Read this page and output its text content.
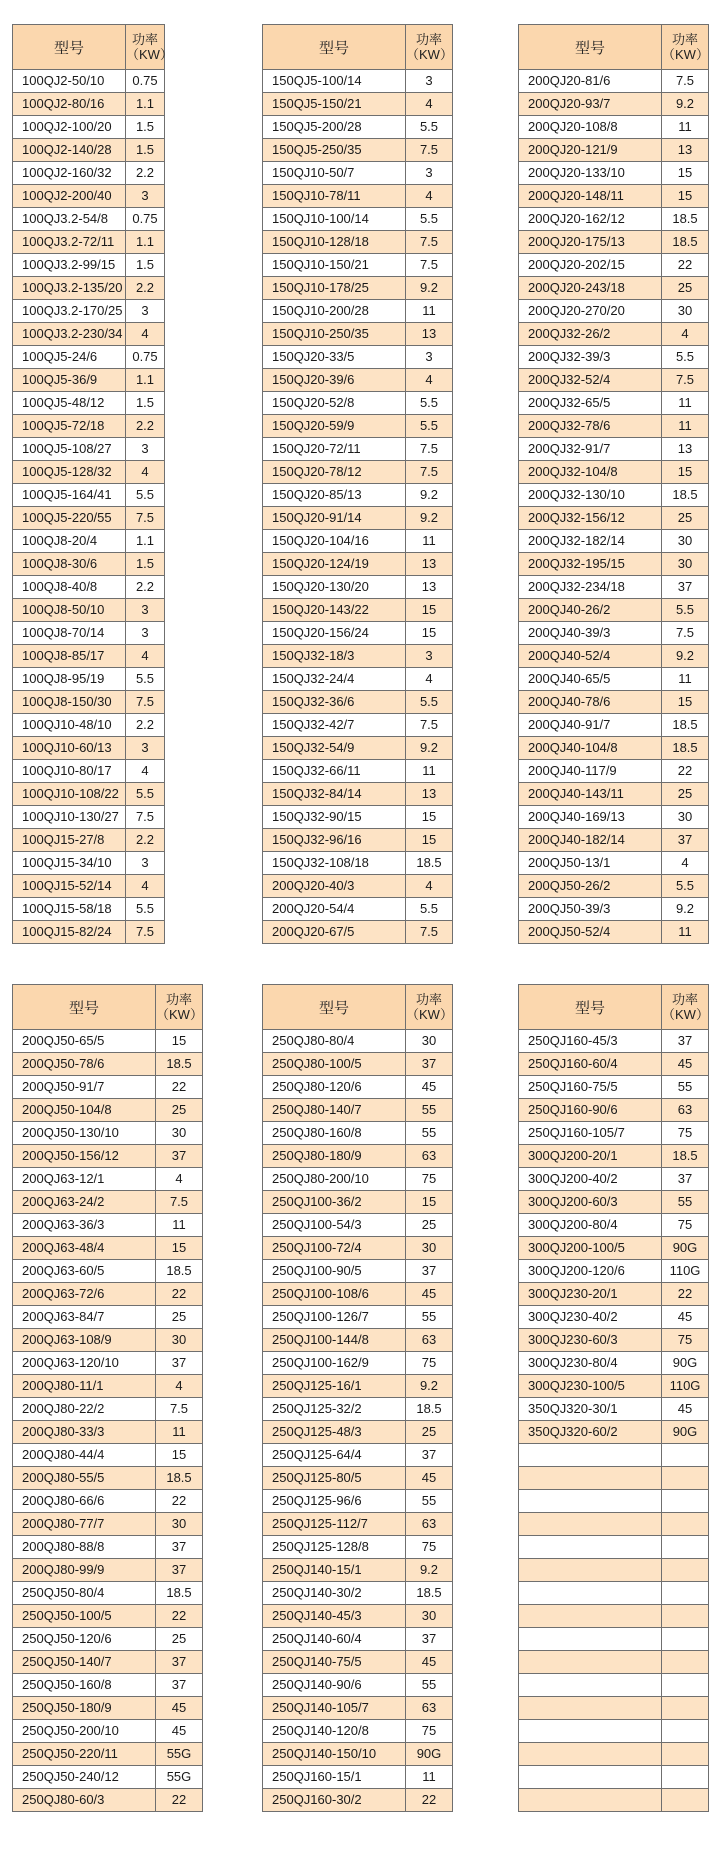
型号	功率
（KW）

100QJ2-50/10	0.75
100QJ2-80/16	1.1
100QJ2-100/20	1.5
100QJ2-140/28	1.5
100QJ2-160/32	2.2
100QJ2-200/40	3
100QJ3.2-54/8	0.75
100QJ3.2-72/11	1.1
100QJ3.2-99/15	1.5
100QJ3.2-135/20	2.2
100QJ3.2-170/25	3
100QJ3.2-230/34	4
100QJ5-24/6	0.75
100QJ5-36/9	1.1
100QJ5-48/12	1.5
100QJ5-72/18	2.2
100QJ5-108/27	3
100QJ5-128/32	4
100QJ5-164/41	5.5
100QJ5-220/55	7.5
100QJ8-20/4	1.1
100QJ8-30/6	1.5
100QJ8-40/8	2.2
100QJ8-50/10	3
100QJ8-70/14	3
100QJ8-85/17	4
100QJ8-95/19	5.5
100QJ8-150/30	7.5
100QJ10-48/10	2.2
100QJ10-60/13	3
100QJ10-80/17	4
100QJ10-108/22	5.5
100QJ10-130/27	7.5
100QJ15-27/8	2.2
100QJ15-34/10	3
100QJ15-52/14	4
100QJ15-58/18	5.5
100QJ15-82/24	7.5
型号	功率
（KW）

150QJ5-100/14	3
150QJ5-150/21	4
150QJ5-200/28	5.5
150QJ5-250/35	7.5
150QJ10-50/7	3
150QJ10-78/11	4
150QJ10-100/14	5.5
150QJ10-128/18	7.5
150QJ10-150/21	7.5
150QJ10-178/25	9.2
150QJ10-200/28	11
150QJ10-250/35	13
150QJ20-33/5	3
150QJ20-39/6	4
150QJ20-52/8	5.5
150QJ20-59/9	5.5
150QJ20-72/11	7.5
150QJ20-78/12	7.5
150QJ20-85/13	9.2
150QJ20-91/14	9.2
150QJ20-104/16	11
150QJ20-124/19	13
150QJ20-130/20	13
150QJ20-143/22	15
150QJ20-156/24	15
150QJ32-18/3	3
150QJ32-24/4	4
150QJ32-36/6	5.5
150QJ32-42/7	7.5
150QJ32-54/9	9.2
150QJ32-66/11	11
150QJ32-84/14	13
150QJ32-90/15	15
150QJ32-96/16	15
150QJ32-108/18	18.5
200QJ20-40/3	4
200QJ20-54/4	5.5
200QJ20-67/5	7.5
型号	功率
（KW）

200QJ20-81/6	7.5
200QJ20-93/7	9.2
200QJ20-108/8	11
200QJ20-121/9	13
200QJ20-133/10	15
200QJ20-148/11	15
200QJ20-162/12	18.5
200QJ20-175/13	18.5
200QJ20-202/15	22
200QJ20-243/18	25
200QJ20-270/20	30
200QJ32-26/2	4
200QJ32-39/3	5.5
200QJ32-52/4	7.5
200QJ32-65/5	11
200QJ32-78/6	11
200QJ32-91/7	13
200QJ32-104/8	15
200QJ32-130/10	18.5
200QJ32-156/12	25
200QJ32-182/14	30
200QJ32-195/15	30
200QJ32-234/18	37
200QJ40-26/2	5.5
200QJ40-39/3	7.5
200QJ40-52/4	9.2
200QJ40-65/5	11
200QJ40-78/6	15
200QJ40-91/7	18.5
200QJ40-104/8	18.5
200QJ40-117/9	22
200QJ40-143/11	25
200QJ40-169/13	30
200QJ40-182/14	37
200QJ50-13/1	4
200QJ50-26/2	5.5
200QJ50-39/3	9.2
200QJ50-52/4	11
型号	功率
（KW）

200QJ50-65/5	15
200QJ50-78/6	18.5
200QJ50-91/7	22
200QJ50-104/8	25
200QJ50-130/10	30
200QJ50-156/12	37
200QJ63-12/1	4
200QJ63-24/2	7.5
200QJ63-36/3	11
200QJ63-48/4	15
200QJ63-60/5	18.5
200QJ63-72/6	22
200QJ63-84/7	25
200QJ63-108/9	30
200QJ63-120/10	37
200QJ80-11/1	4
200QJ80-22/2	7.5
200QJ80-33/3	11
200QJ80-44/4	15
200QJ80-55/5	18.5
200QJ80-66/6	22
200QJ80-77/7	30
200QJ80-88/8	37
200QJ80-99/9	37
250QJ50-80/4	18.5
250QJ50-100/5	22
250QJ50-120/6	25
250QJ50-140/7	37
250QJ50-160/8	37
250QJ50-180/9	45
250QJ50-200/10	45
250QJ50-220/11	55G
250QJ50-240/12	55G
250QJ80-60/3	22
型号	功率
（KW）

250QJ80-80/4	30
250QJ80-100/5	37
250QJ80-120/6	45
250QJ80-140/7	55
250QJ80-160/8	55
250QJ80-180/9	63
250QJ80-200/10	75
250QJ100-36/2	15
250QJ100-54/3	25
250QJ100-72/4	30
250QJ100-90/5	37
250QJ100-108/6	45
250QJ100-126/7	55
250QJ100-144/8	63
250QJ100-162/9	75
250QJ125-16/1	9.2
250QJ125-32/2	18.5
250QJ125-48/3	25
250QJ125-64/4	37
250QJ125-80/5	45
250QJ125-96/6	55
250QJ125-112/7	63
250QJ125-128/8	75
250QJ140-15/1	9.2
250QJ140-30/2	18.5
250QJ140-45/3	30
250QJ140-60/4	37
250QJ140-75/5	45
250QJ140-90/6	55
250QJ140-105/7	63
250QJ140-120/8	75
250QJ140-150/10	90G
250QJ160-15/1	11
250QJ160-30/2	22
型号	功率
（KW）

250QJ160-45/3	37
250QJ160-60/4	45
250QJ160-75/5	55
250QJ160-90/6	63
250QJ160-105/7	75
300QJ200-20/1	18.5
300QJ200-40/2	37
300QJ200-60/3	55
300QJ200-80/4	75
300QJ200-100/5	90G
300QJ200-120/6	110G
300QJ230-20/1	22
300QJ230-40/2	45
300QJ230-60/3	75
300QJ230-80/4	90G
300QJ230-100/5	110G
350QJ320-30/1	45
350QJ320-60/2	90G
